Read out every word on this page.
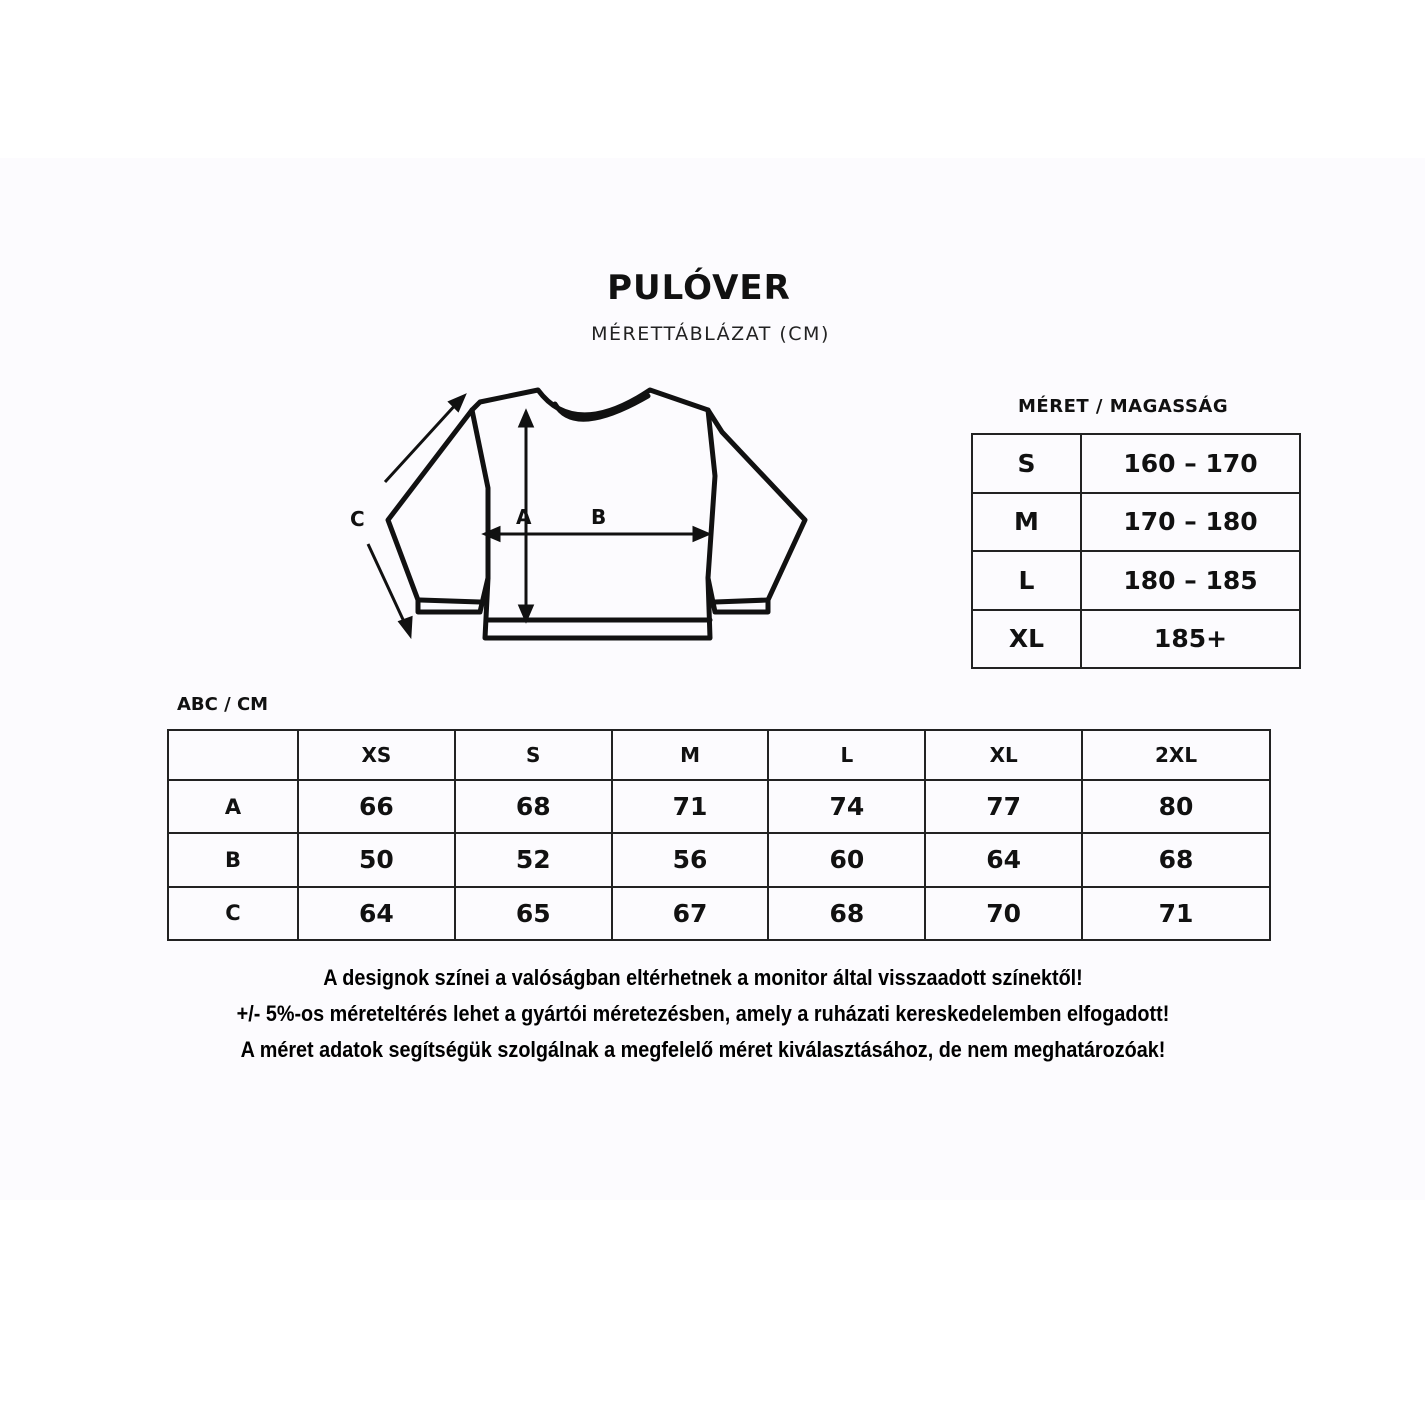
PULÓVER
MÉRETTÁBLÁZAT (CM)
A	B
C
MÉRET / MAGASSÁG
S	160 – 170
M	170 – 180
L	180 – 185
XL	185+
ABC / CM
	XS	S	M	L	XL	2XL
A	66	68	71	74	77	80
B	50	52	56	60	64	68
C	64	65	67	68	70	71
A designok színei a valóságban eltérhetnek a monitor által visszaadott színektől!
+/- 5%-os méreteltérés lehet a gyártói méretezésben, amely a ruházati kereskedelemben elfogadott!
A méret adatok segítségük szolgálnak a megfelelő méret kiválasztásához, de nem meghatározóak!
